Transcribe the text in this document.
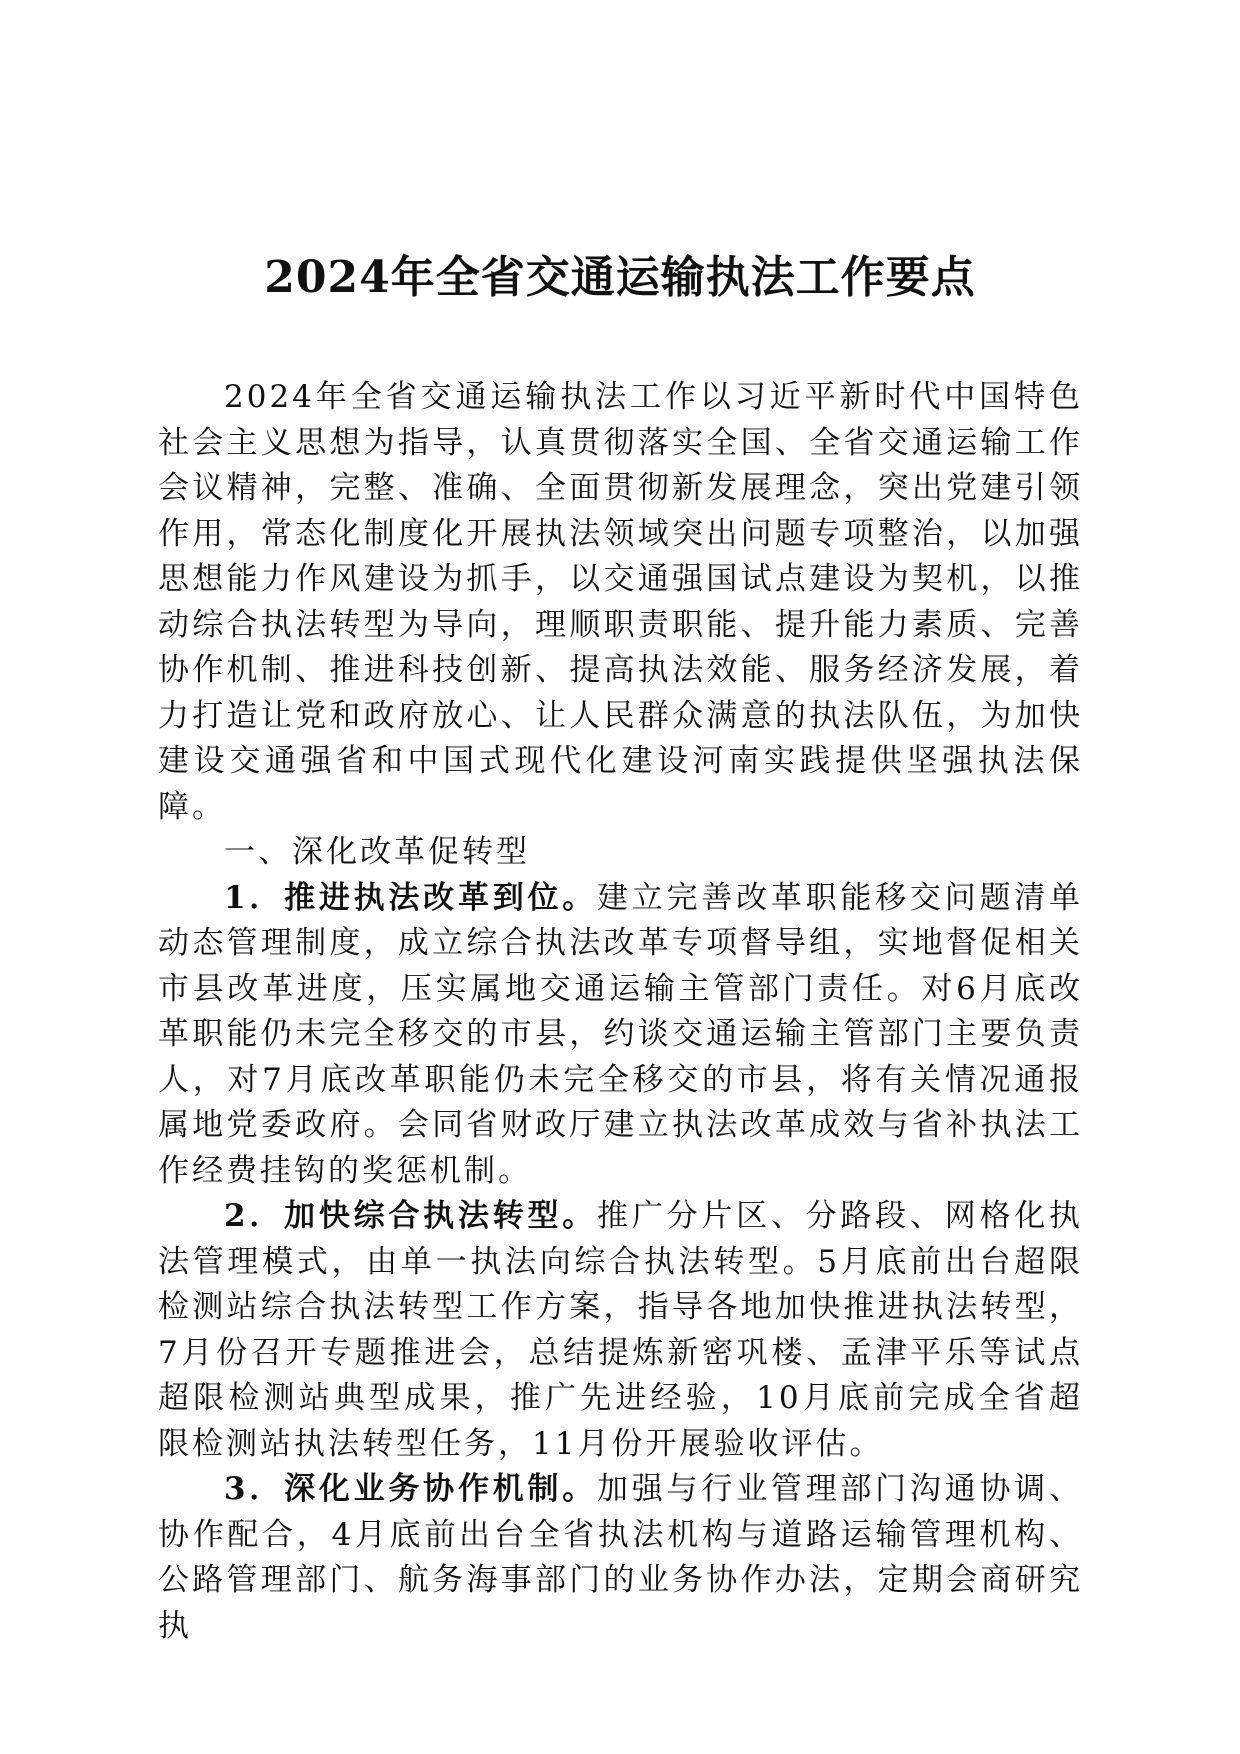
2024年全省交通运输执法工作要点

2024年全省交通运输执法工作以习近平新时代中国特色社会主义思想为指导，认真贯彻落实全国、全省交通运输工作会议精神，完整、准确、全面贯彻新发展理念，突出党建引领作用，常态化制度化开展执法领域突出问题专项整治，以加强思想能力作风建设为抓手，以交通强国试点建设为契机，以推动综合执法转型为导向，理顺职责职能、提升能力素质、完善协作机制、推进科技创新、提高执法效能、服务经济发展，着力打造让党和政府放心、让人民群众满意的执法队伍，为加快建设交通强省和中国式现代化建设河南实践提供坚强执法保障。

一、深化改革促转型

1．推进执法改革到位。建立完善改革职能移交问题清单动态管理制度，成立综合执法改革专项督导组，实地督促相关市县改革进度，压实属地交通运输主管部门责任。对6月底改革职能仍未完全移交的市县，约谈交通运输主管部门主要负责人，对7月底改革职能仍未完全移交的市县，将有关情况通报属地党委政府。会同省财政厅建立执法改革成效与省补执法工作经费挂钩的奖惩机制。

2．加快综合执法转型。推广分片区、分路段、网格化执法管理模式，由单一执法向综合执法转型。5月底前出台超限检测站综合执法转型工作方案，指导各地加快推进执法转型，7月份召开专题推进会，总结提炼新密巩楼、孟津平乐等试点超限检测站典型成果，推广先进经验，10月底前完成全省超限检测站执法转型任务，11月份开展验收评估。

3．深化业务协作机制。加强与行业管理部门沟通协调、协作配合，4月底前出台全省执法机构与道路运输管理机构、公路管理部门、航务海事部门的业务协作办法，定期会商研究执
